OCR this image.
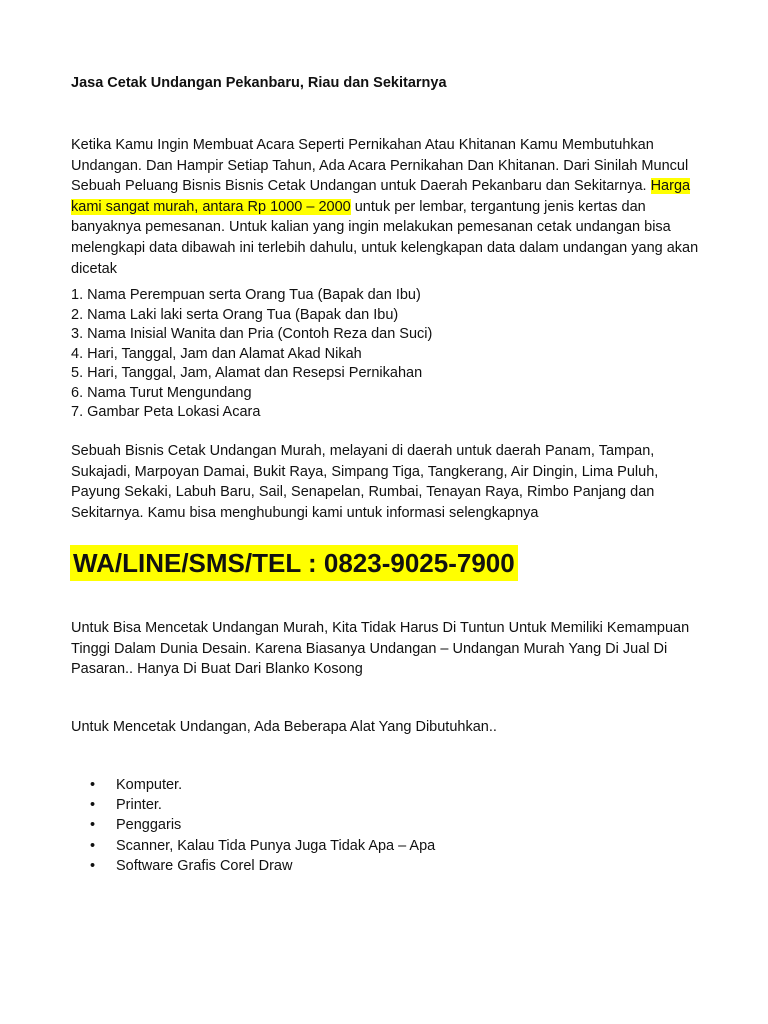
Jasa Cetak Undangan Pekanbaru, Riau dan Sekitarnya

Ketika Kamu Ingin Membuat Acara Seperti Pernikahan Atau Khitanan Kamu Membutuhkan Undangan. Dan Hampir Setiap Tahun, Ada Acara Pernikahan Dan Khitanan. Dari Sinilah Muncul Sebuah Peluang Bisnis Bisnis Cetak Undangan untuk Daerah Pekanbaru dan Sekitarnya. Harga kami sangat murah, antara Rp 1000 – 2000 untuk per lembar, tergantung jenis kertas dan banyaknya pemesanan. Untuk kalian yang ingin melakukan pemesanan cetak undangan bisa melengkapi data dibawah ini terlebih dahulu, untuk kelengkapan data dalam undangan yang akan dicetak

1. Nama Perempuan serta Orang Tua (Bapak dan Ibu)
2. Nama Laki laki serta Orang Tua (Bapak dan Ibu)
3. Nama Inisial Wanita dan Pria (Contoh Reza dan Suci)
4. Hari, Tanggal, Jam dan Alamat Akad Nikah
5. Hari, Tanggal, Jam, Alamat dan Resepsi Pernikahan
6. Nama Turut Mengundang
7. Gambar Peta Lokasi Acara

Sebuah Bisnis Cetak Undangan Murah, melayani di daerah untuk daerah Panam, Tampan, Sukajadi, Marpoyan Damai, Bukit Raya, Simpang Tiga, Tangkerang, Air Dingin, Lima Puluh, Payung Sekaki, Labuh Baru, Sail, Senapelan, Rumbai, Tenayan Raya, Rimbo Panjang dan Sekitarnya. Kamu bisa menghubungi kami untuk informasi selengkapnya

WA/LINE/SMS/TEL : 0823-9025-7900

Untuk Bisa Mencetak Undangan Murah, Kita Tidak Harus Di Tuntun Untuk Memiliki Kemampuan Tinggi Dalam Dunia Desain. Karena Biasanya Undangan – Undangan Murah Yang Di Jual Di Pasaran.. Hanya Di Buat Dari Blanko Kosong

Untuk Mencetak Undangan, Ada Beberapa Alat Yang Dibutuhkan..

• Komputer.
• Printer.
• Penggaris
• Scanner, Kalau Tida Punya Juga Tidak Apa – Apa
• Software Grafis Corel Draw
